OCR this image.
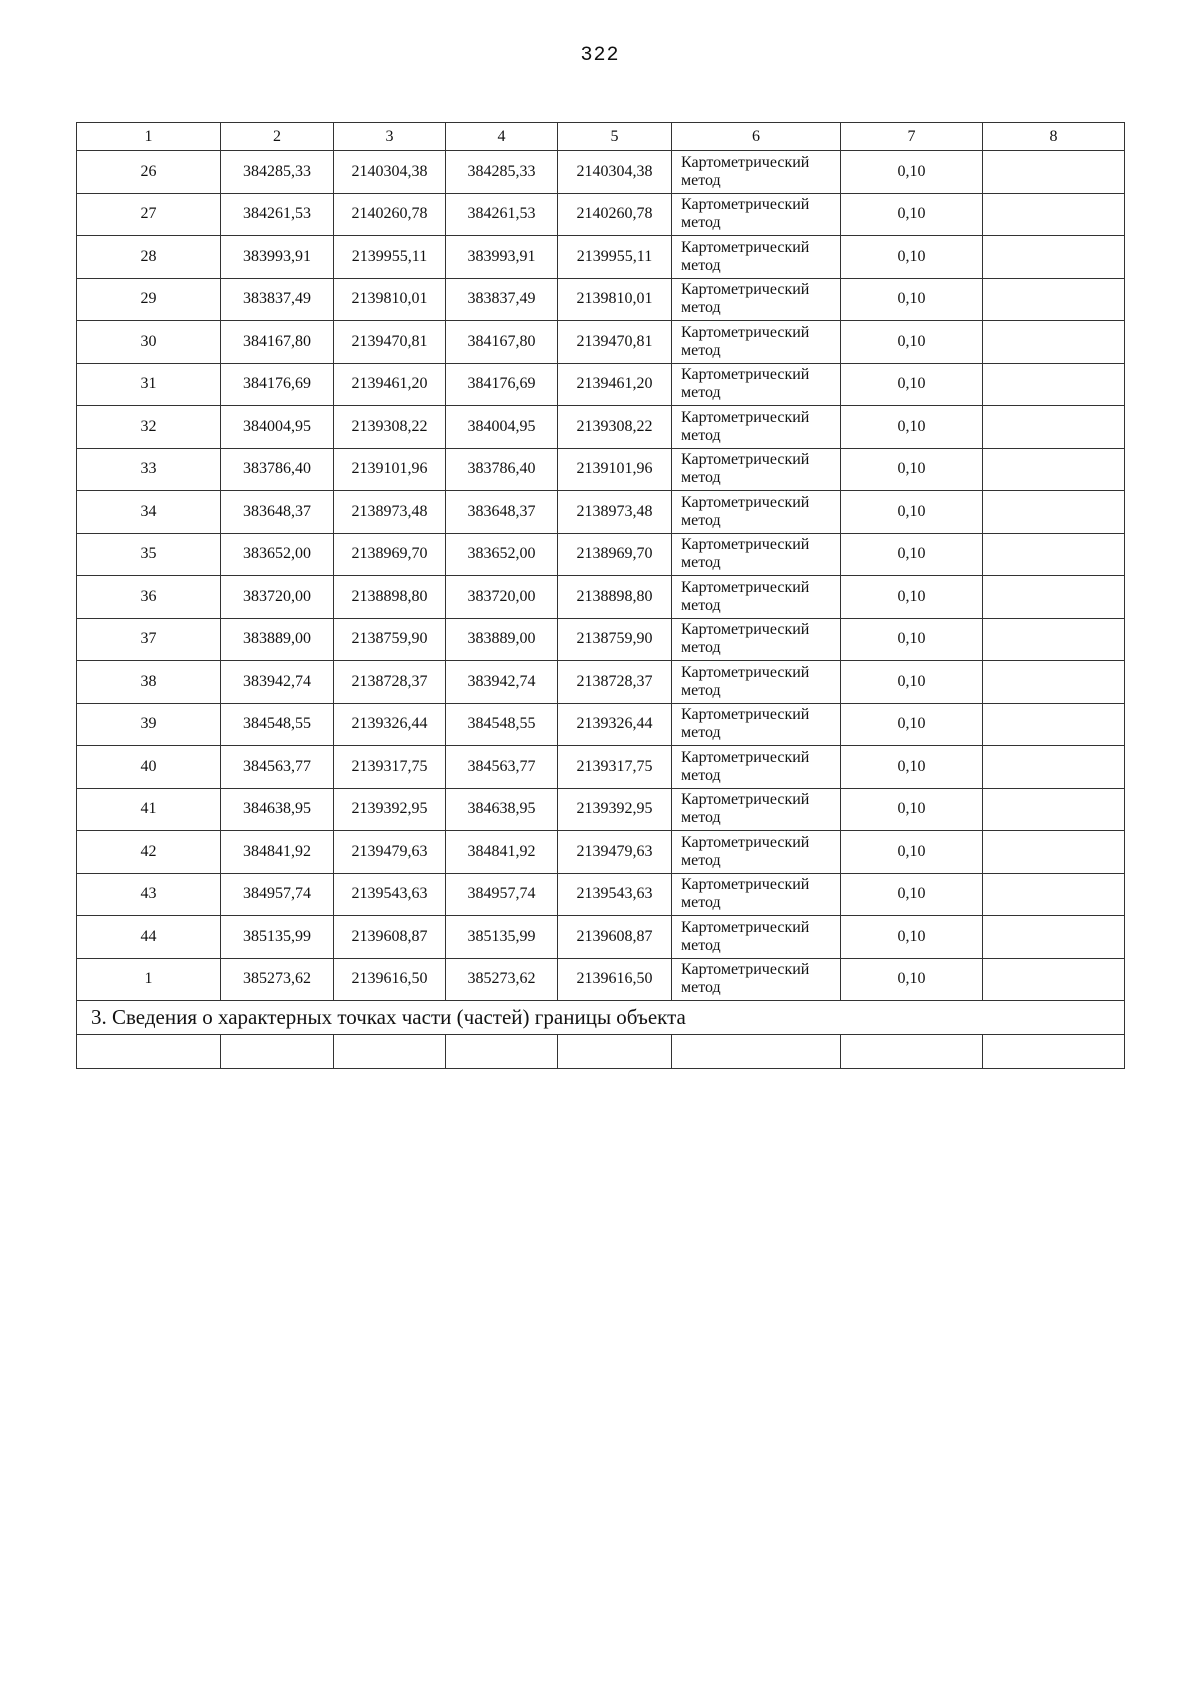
322
1	2	3	4	5	6	7	8
26	384285,33	2140304,38	384285,33	2140304,38	Картометрический метод	0,10	
27	384261,53	2140260,78	384261,53	2140260,78	Картометрический метод	0,10	
28	383993,91	2139955,11	383993,91	2139955,11	Картометрический метод	0,10	
29	383837,49	2139810,01	383837,49	2139810,01	Картометрический метод	0,10	
30	384167,80	2139470,81	384167,80	2139470,81	Картометрический метод	0,10	
31	384176,69	2139461,20	384176,69	2139461,20	Картометрический метод	0,10	
32	384004,95	2139308,22	384004,95	2139308,22	Картометрический метод	0,10	
33	383786,40	2139101,96	383786,40	2139101,96	Картометрический метод	0,10	
34	383648,37	2138973,48	383648,37	2138973,48	Картометрический метод	0,10	
35	383652,00	2138969,70	383652,00	2138969,70	Картометрический метод	0,10	
36	383720,00	2138898,80	383720,00	2138898,80	Картометрический метод	0,10	
37	383889,00	2138759,90	383889,00	2138759,90	Картометрический метод	0,10	
38	383942,74	2138728,37	383942,74	2138728,37	Картометрический метод	0,10	
39	384548,55	2139326,44	384548,55	2139326,44	Картометрический метод	0,10	
40	384563,77	2139317,75	384563,77	2139317,75	Картометрический метод	0,10	
41	384638,95	2139392,95	384638,95	2139392,95	Картометрический метод	0,10	
42	384841,92	2139479,63	384841,92	2139479,63	Картометрический метод	0,10	
43	384957,74	2139543,63	384957,74	2139543,63	Картометрический метод	0,10	
44	385135,99	2139608,87	385135,99	2139608,87	Картометрический метод	0,10	
1	385273,62	2139616,50	385273,62	2139616,50	Картометрический метод	0,10	
3. Сведения о характерных точках части (частей) границы объекта							
